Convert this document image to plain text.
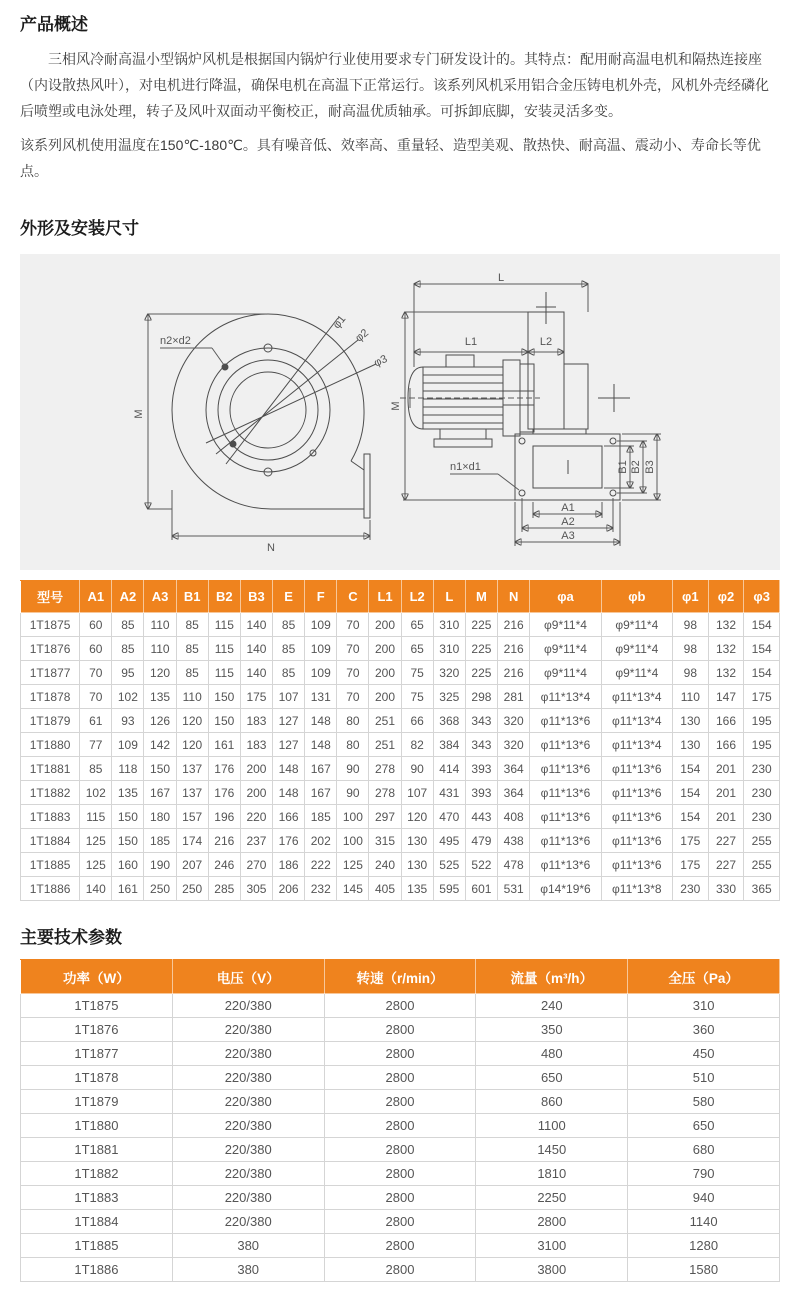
产品概述

三相风冷耐高温小型锅炉风机是根据国内锅炉行业使用要求专门研发设计的。其特点：配用耐高温电机和隔热连接座（内设散热风叶），对电机进行降温，确保电机在高温下正常运行。该系列风机采用铝合金压铸电机外壳，风机外壳经磷化后喷塑或电泳处理，转子及风叶双面动平衡校正，耐高温优质轴承。可拆卸底脚，安装灵活多变。

该系列风机使用温度在150℃-180℃。具有噪音低、效率高、重量轻、造型美观、散热快、耐高温、震动小、寿命长等优点。

外形及安装尺寸
φ1
φ2
φ3
M
N
n2×d2
L
M
L1	L2
B1 B2 B3
A1
A2
A3
n1×d1
型号	A1	A2	A3	B1	B2	B3	E	F	C	L1	L2	L	M	N	φa	φb	φ1	φ2	φ3
1T1875	60	85	110	85	115	140	85	109	70	200	65	310	225	216	φ9*11*4	φ9*11*4	98	132	154
1T1876	60	85	110	85	115	140	85	109	70	200	65	310	225	216	φ9*11*4	φ9*11*4	98	132	154
1T1877	70	95	120	85	115	140	85	109	70	200	75	320	225	216	φ9*11*4	φ9*11*4	98	132	154
1T1878	70	102	135	110	150	175	107	131	70	200	75	325	298	281	φ11*13*4	φ11*13*4	110	147	175
1T1879	61	93	126	120	150	183	127	148	80	251	66	368	343	320	φ11*13*6	φ11*13*4	130	166	195
1T1880	77	109	142	120	161	183	127	148	80	251	82	384	343	320	φ11*13*6	φ11*13*4	130	166	195
1T1881	85	118	150	137	176	200	148	167	90	278	90	414	393	364	φ11*13*6	φ11*13*6	154	201	230
1T1882	102	135	167	137	176	200	148	167	90	278	107	431	393	364	φ11*13*6	φ11*13*6	154	201	230
1T1883	115	150	180	157	196	220	166	185	100	297	120	470	443	408	φ11*13*6	φ11*13*6	154	201	230
1T1884	125	150	185	174	216	237	176	202	100	315	130	495	479	438	φ11*13*6	φ11*13*6	175	227	255
1T1885	125	160	190	207	246	270	186	222	125	240	130	525	522	478	φ11*13*6	φ11*13*6	175	227	255
1T1886	140	161	250	250	285	305	206	232	145	405	135	595	601	531	φ14*19*6	φ11*13*8	230	330	365
主要技术参数
功率（W）	电压（V）	转速（r/min）	流量（m³/h）	全压（Pa）
1T1875	220/380	2800	240	310
1T1876	220/380	2800	350	360
1T1877	220/380	2800	480	450
1T1878	220/380	2800	650	510
1T1879	220/380	2800	860	580
1T1880	220/380	2800	1100	650
1T1881	220/380	2800	1450	680
1T1882	220/380	2800	1810	790
1T1883	220/380	2800	2250	940
1T1884	220/380	2800	2800	1140
1T1885	380	2800	3100	1280
1T1886	380	2800	3800	1580
